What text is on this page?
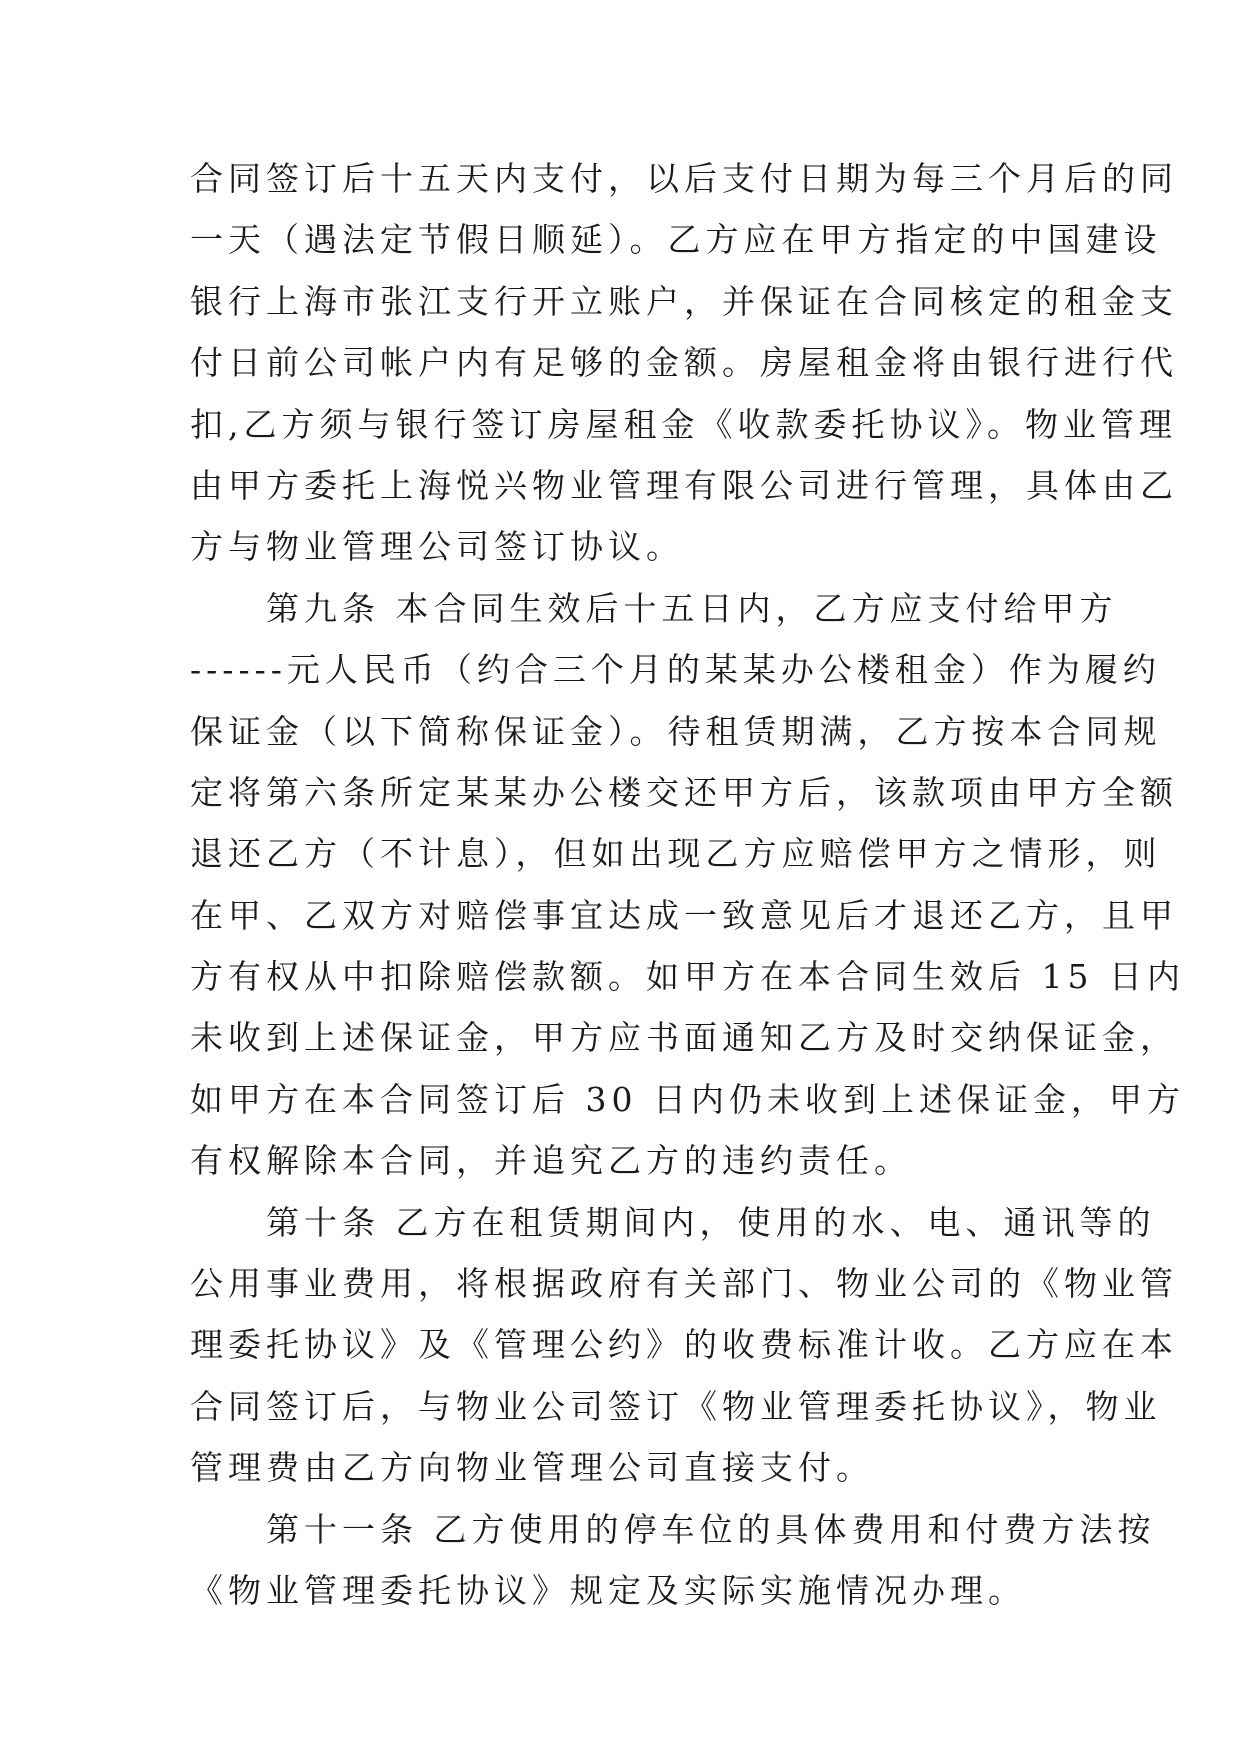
合同签订后十五天内支付，以后支付日期为每三个月后的同
一天（遇法定节假日顺延）。乙方应在甲方指定的中国建设
银行上海市张江支行开立账户，并保证在合同核定的租金支
付日前公司帐户内有足够的金额。房屋租金将由银行进行代
扣,乙方须与银行签订房屋租金《收款委托协议》。物业管理
由甲方委托上海悦兴物业管理有限公司进行管理，具体由乙
方与物业管理公司签订协议。
　　第九条 本合同生效后十五日内，乙方应支付给甲方
------元人民币（约合三个月的某某办公楼租金）作为履约
保证金（以下简称保证金）。待租赁期满，乙方按本合同规
定将第六条所定某某办公楼交还甲方后，该款项由甲方全额
退还乙方（不计息），但如出现乙方应赔偿甲方之情形，则
在甲、乙双方对赔偿事宜达成一致意见后才退还乙方，且甲
方有权从中扣除赔偿款额。如甲方在本合同生效后 15 日内
未收到上述保证金，甲方应书面通知乙方及时交纳保证金，
如甲方在本合同签订后 30 日内仍未收到上述保证金，甲方
有权解除本合同，并追究乙方的违约责任。
　　第十条 乙方在租赁期间内，使用的水、电、通讯等的
公用事业费用，将根据政府有关部门、物业公司的《物业管
理委托协议》及《管理公约》的收费标准计收。乙方应在本
合同签订后，与物业公司签订《物业管理委托协议》，物业
管理费由乙方向物业管理公司直接支付。
　　第十一条 乙方使用的停车位的具体费用和付费方法按
《物业管理委托协议》规定及实际实施情况办理。
